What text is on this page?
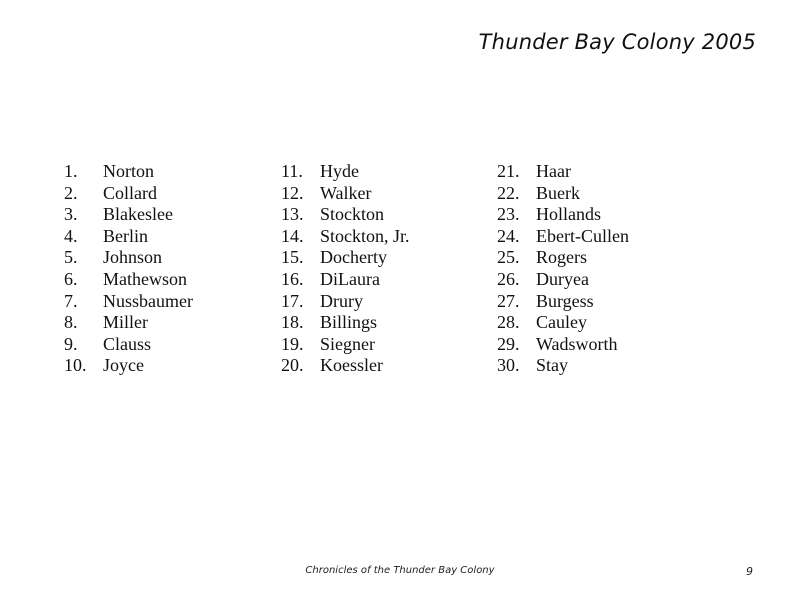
Thunder Bay Colony 2005
1. Norton
2. Collard
3. Blakeslee
4. Berlin
5. Johnson
6. Mathewson
7. Nussbaumer
8. Miller
9. Clauss
10. Joyce
11. Hyde
12. Walker
13. Stockton
14. Stockton, Jr.
15. Docherty
16. DiLaura
17. Drury
18. Billings
19. Siegner
20. Koessler
21. Haar
22. Buerk
23. Hollands
24. Ebert-Cullen
25. Rogers
26. Duryea
27. Burgess
28. Cauley
29. Wadsworth
30. Stay
Chronicles of the Thunder Bay Colony	9
